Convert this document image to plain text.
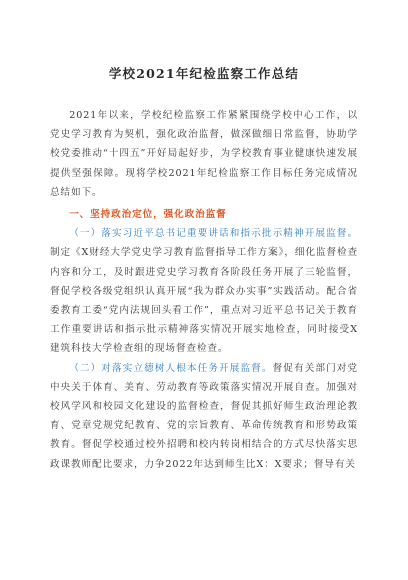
学校2021年纪检监察工作总结

2021年以来，学校纪检监察工作紧紧围绕学校中心工作，以党史学习教育为契机，强化政治监督，做深做细日常监督，协助学校党委推动“十四五”开好局起好步，为学校教育事业健康快速发展提供坚强保障。现将学校2021年纪检监察工作目标任务完成情况总结如下。

一、坚持政治定位，强化政治监督

（一）落实习近平总书记重要讲话和指示批示精神开展监督。制定《X财经大学党史学习教育监督指导工作方案》，细化监督检查内容和分工，及时跟进党史学习教育各阶段任务开展了三轮监督，督促学校各级党组织认真开展“我为群众办实事”实践活动。配合省委教育工委“党内法规回头看工作”，重点对习近平总书记关于教育工作重要讲话和指示批示精神落实情况开展实地检查，同时接受X建筑科技大学检查组的现场督查检查。

（二）对落实立德树人根本任务开展监督。督促有关部门对党中央关于体育、美育、劳动教育等政策落实情况开展自查。加强对校风学风和校园文化建设的监督检查，督促其抓好师生政治理论教育、党章党规党纪教育、党的宗旨教育、革命传统教育和形势政策教育。督促学校通过校外招聘和校内转岗相结合的方式尽快落实思政课教师配比要求，力争2022年达到师生比X：X要求；督导有关
